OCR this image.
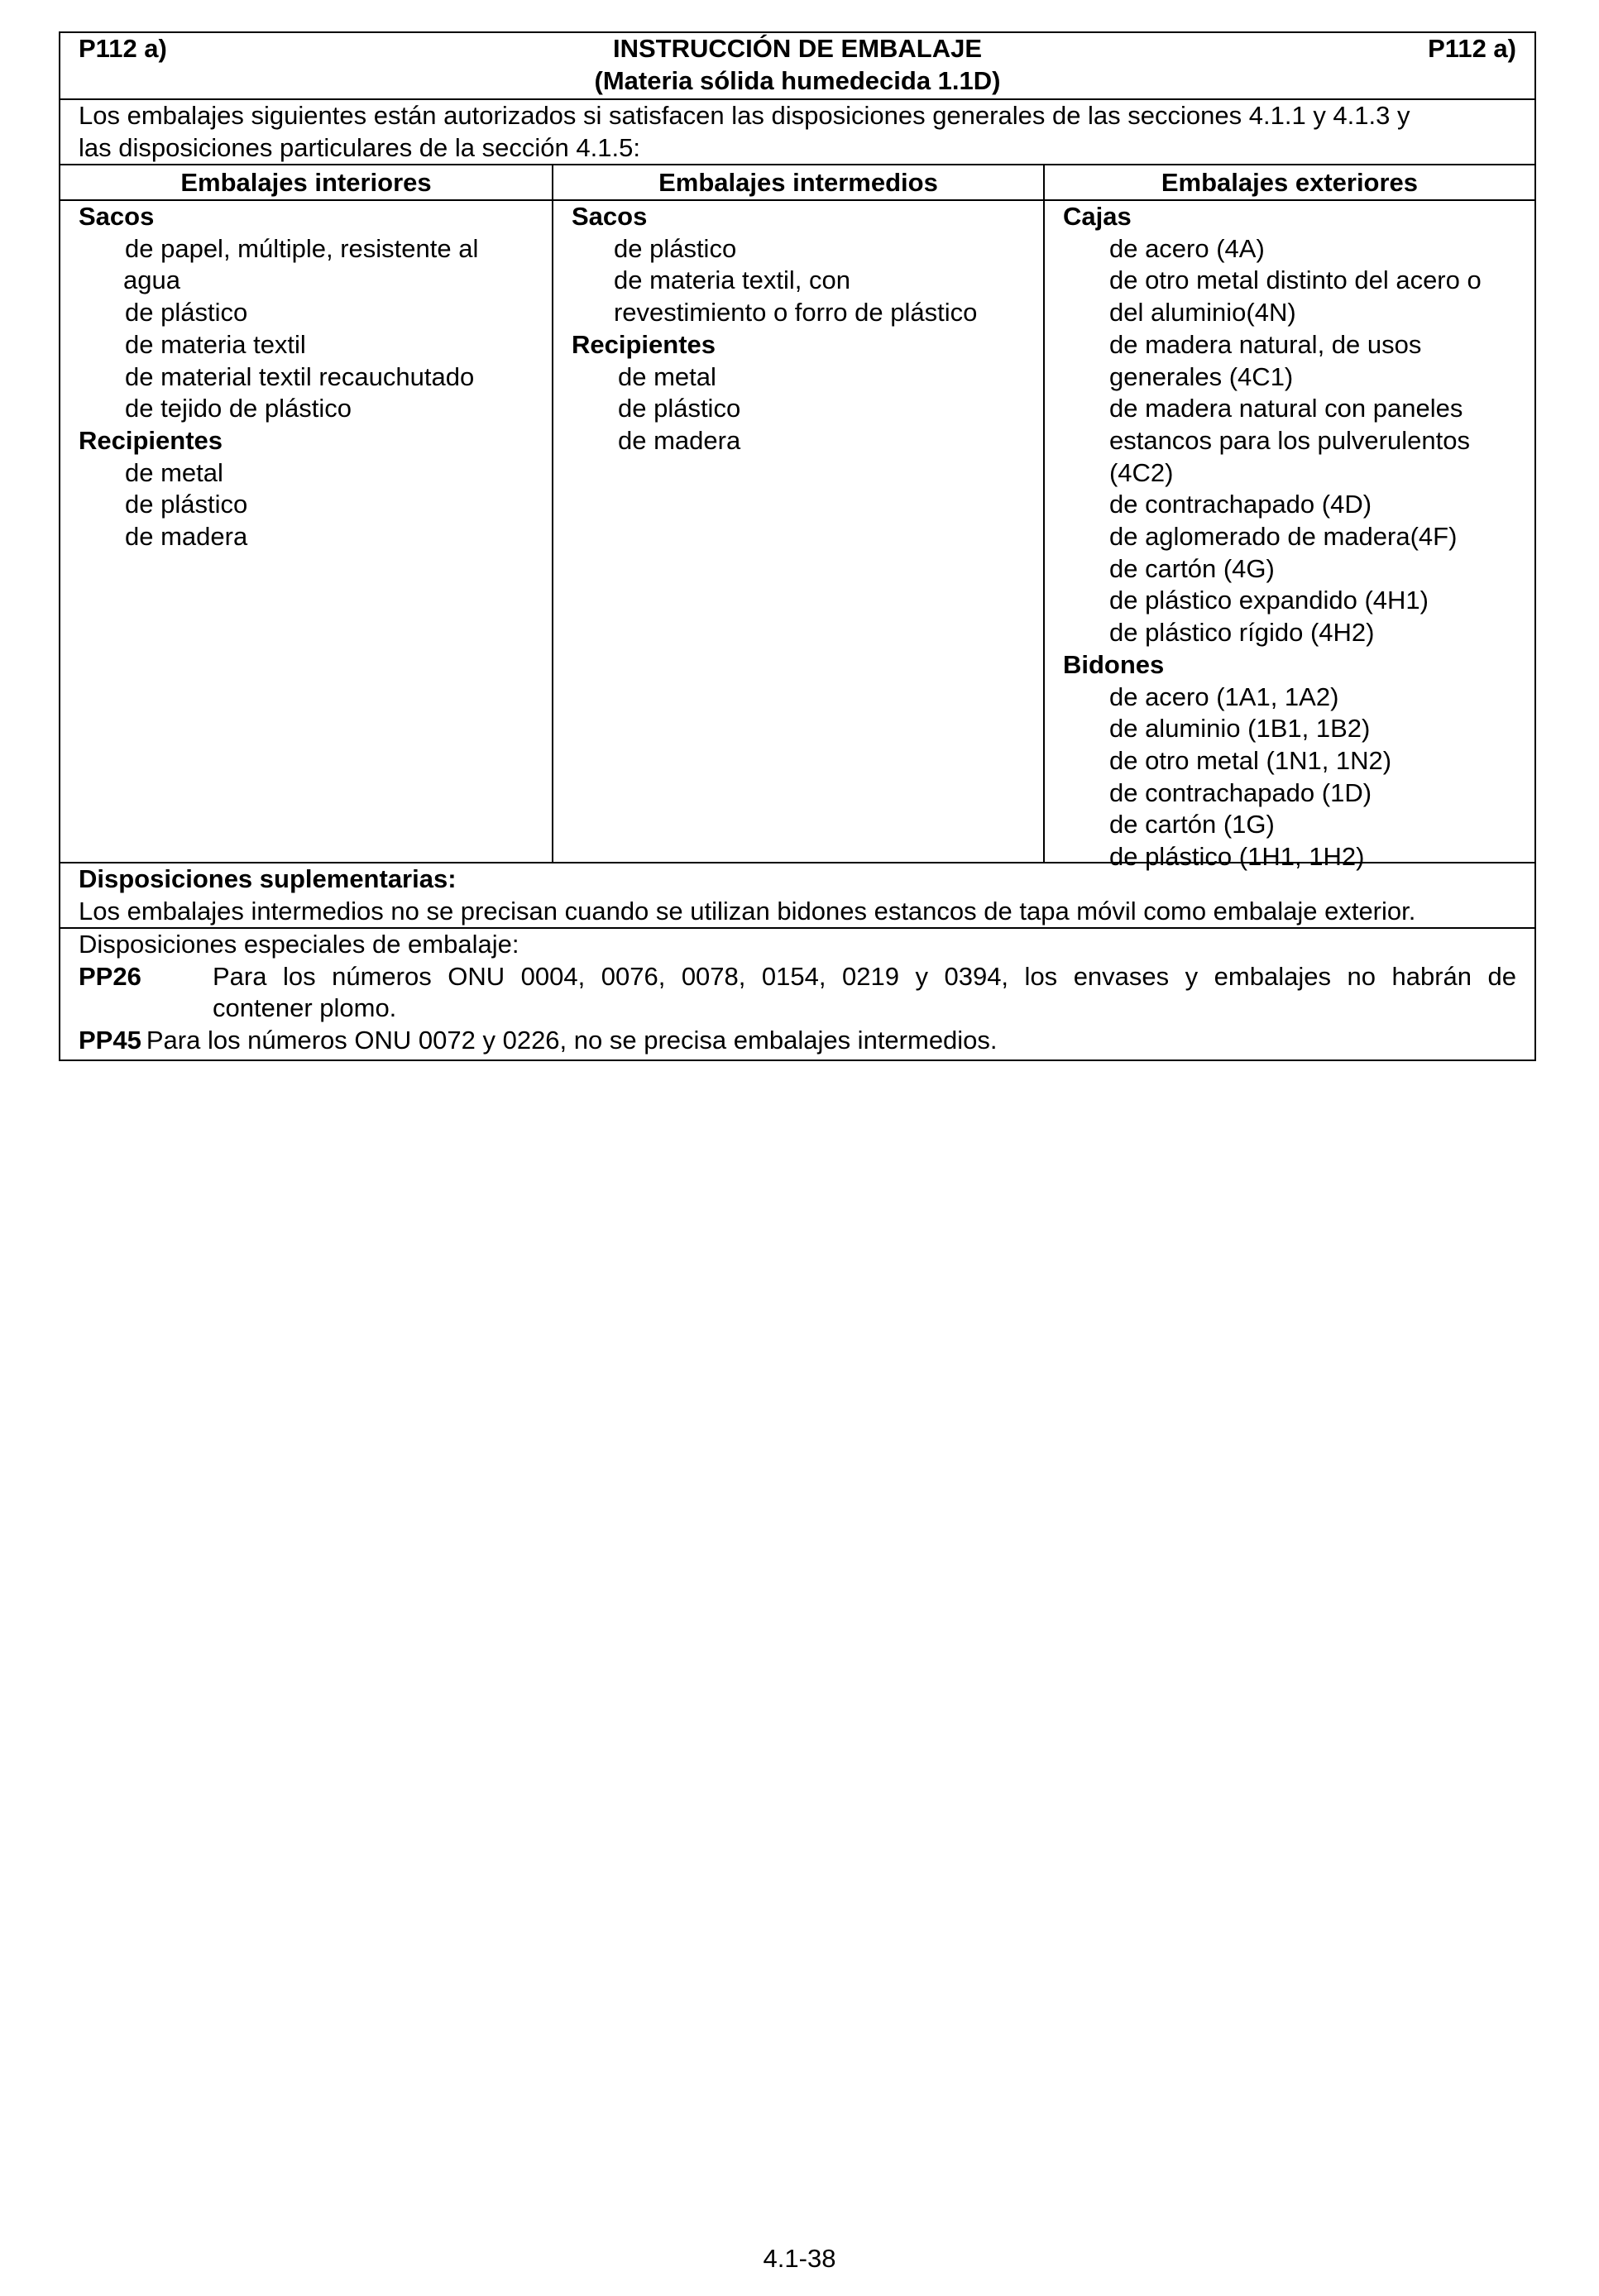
P112 a)	INSTRUCCIÓN DE EMBALAJE
(Materia sólida humedecida 1.1D)
P112 a)
Los embalajes siguientes están autorizados si satisfacen las disposiciones generales de las secciones 4.1.1 y 4.1.3 y
las disposiciones particulares de la sección 4.1.5:
Embalajes interiores
Sacos
de papel, múltiple, resistente al
agua
de plástico
de materia textil
de material textil recauchutado
de tejido de plástico
Recipientes
de metal
de plástico
de madera
Embalajes intermedios
Sacos
de plástico
de materia textil, con
revestimiento o forro de plástico
Recipientes
de metal
de plástico
de madera
Embalajes exteriores
Cajas
de acero (4A)
de otro metal distinto del acero o
del aluminio(4N)
de madera natural, de usos
generales (4C1)
de madera natural con paneles
estancos para los pulverulentos
(4C2)
de contrachapado (4D)
de aglomerado de madera(4F)
de cartón (4G)
de plástico expandido (4H1)
de plástico rígido (4H2)
Bidones
de acero (1A1, 1A2)
de aluminio (1B1, 1B2)
de otro metal (1N1, 1N2)
de contrachapado (1D)
de cartón (1G)
de plástico (1H1, 1H2)
Disposiciones suplementarias:
Los embalajes intermedios no se precisan cuando se utilizan bidones estancos de tapa móvil como embalaje exterior.
Disposiciones especiales de embalaje:
PP26	Para los números ONU 0004, 0076, 0078, 0154, 0219 y 0394, los envases y embalajes no habrán de
contener plomo.
PP45 Para los números ONU 0072 y 0226, no se precisa embalajes intermedios.
4.1-38
